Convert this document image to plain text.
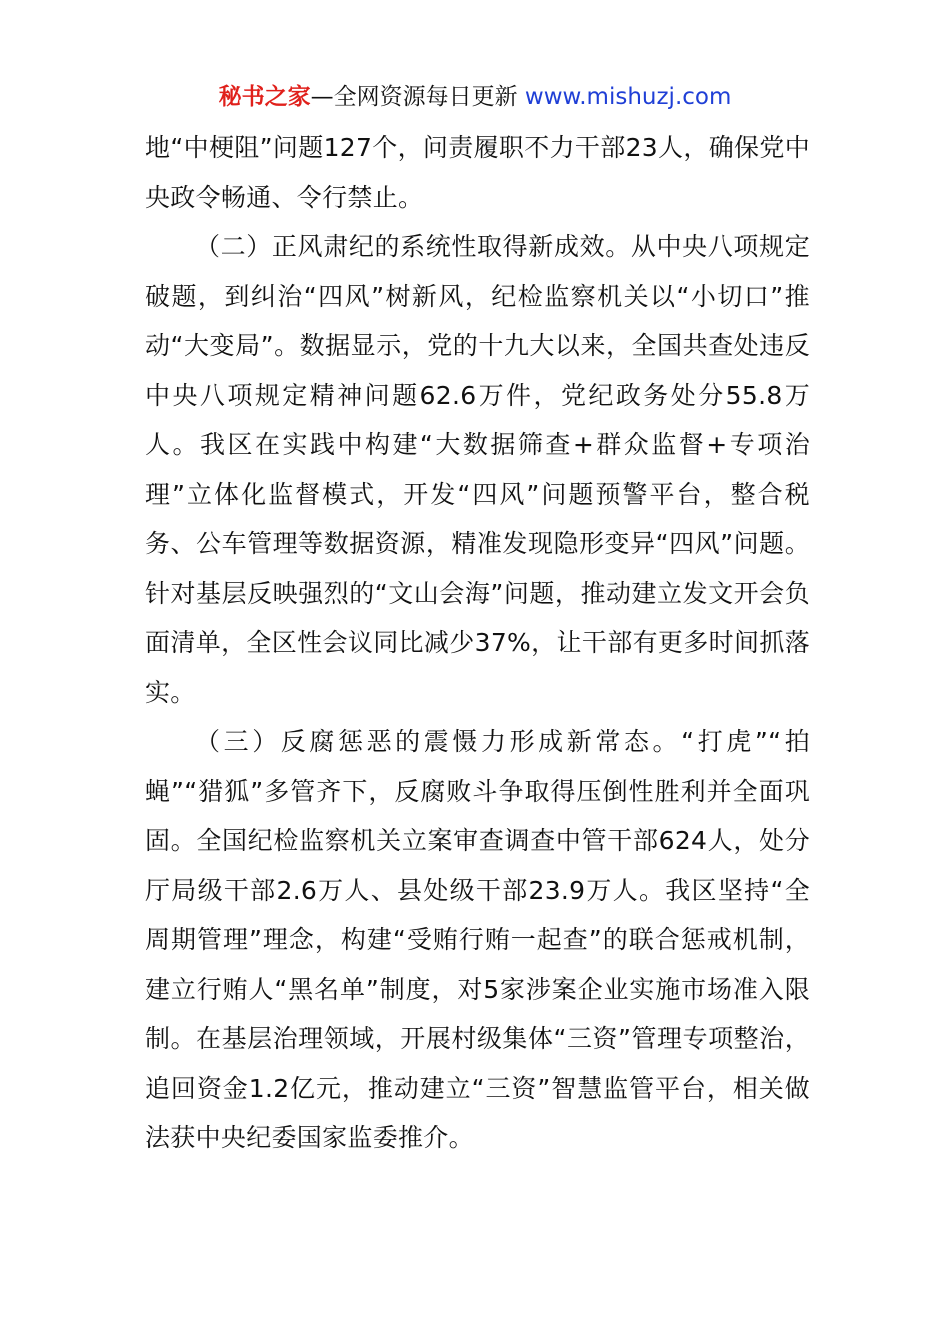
秘书之家—全网资源每日更新 www.mishuzj.com

地“中梗阻”问题127个，问责履职不力干部23人，确保党中央政令畅通、令行禁止。

（二）正风肃纪的系统性取得新成效。从中央八项规定破题，到纠治“四风”树新风，纪检监察机关以“小切口”推动“大变局”。数据显示，党的十九大以来，全国共查处违反中央八项规定精神问题62.6万件，党纪政务处分55.8万人。我区在实践中构建“大数据筛查+群众监督+专项治理”立体化监督模式，开发“四风”问题预警平台，整合税务、公车管理等数据资源，精准发现隐形变异“四风”问题。针对基层反映强烈的“文山会海”问题，推动建立发文开会负面清单，全区性会议同比减少37%，让干部有更多时间抓落实。

（三）反腐惩恶的震慑力形成新常态。“打虎”“拍蝇”“猎狐”多管齐下，反腐败斗争取得压倒性胜利并全面巩固。全国纪检监察机关立案审查调查中管干部624人，处分厅局级干部2.6万人、县处级干部23.9万人。我区坚持“全周期管理”理念，构建“受贿行贿一起查”的联合惩戒机制，建立行贿人“黑名单”制度，对5家涉案企业实施市场准入限制。在基层治理领域，开展村级集体“三资”管理专项整治，追回资金1.2亿元，推动建立“三资”智慧监管平台，相关做法获中央纪委国家监委推介。
